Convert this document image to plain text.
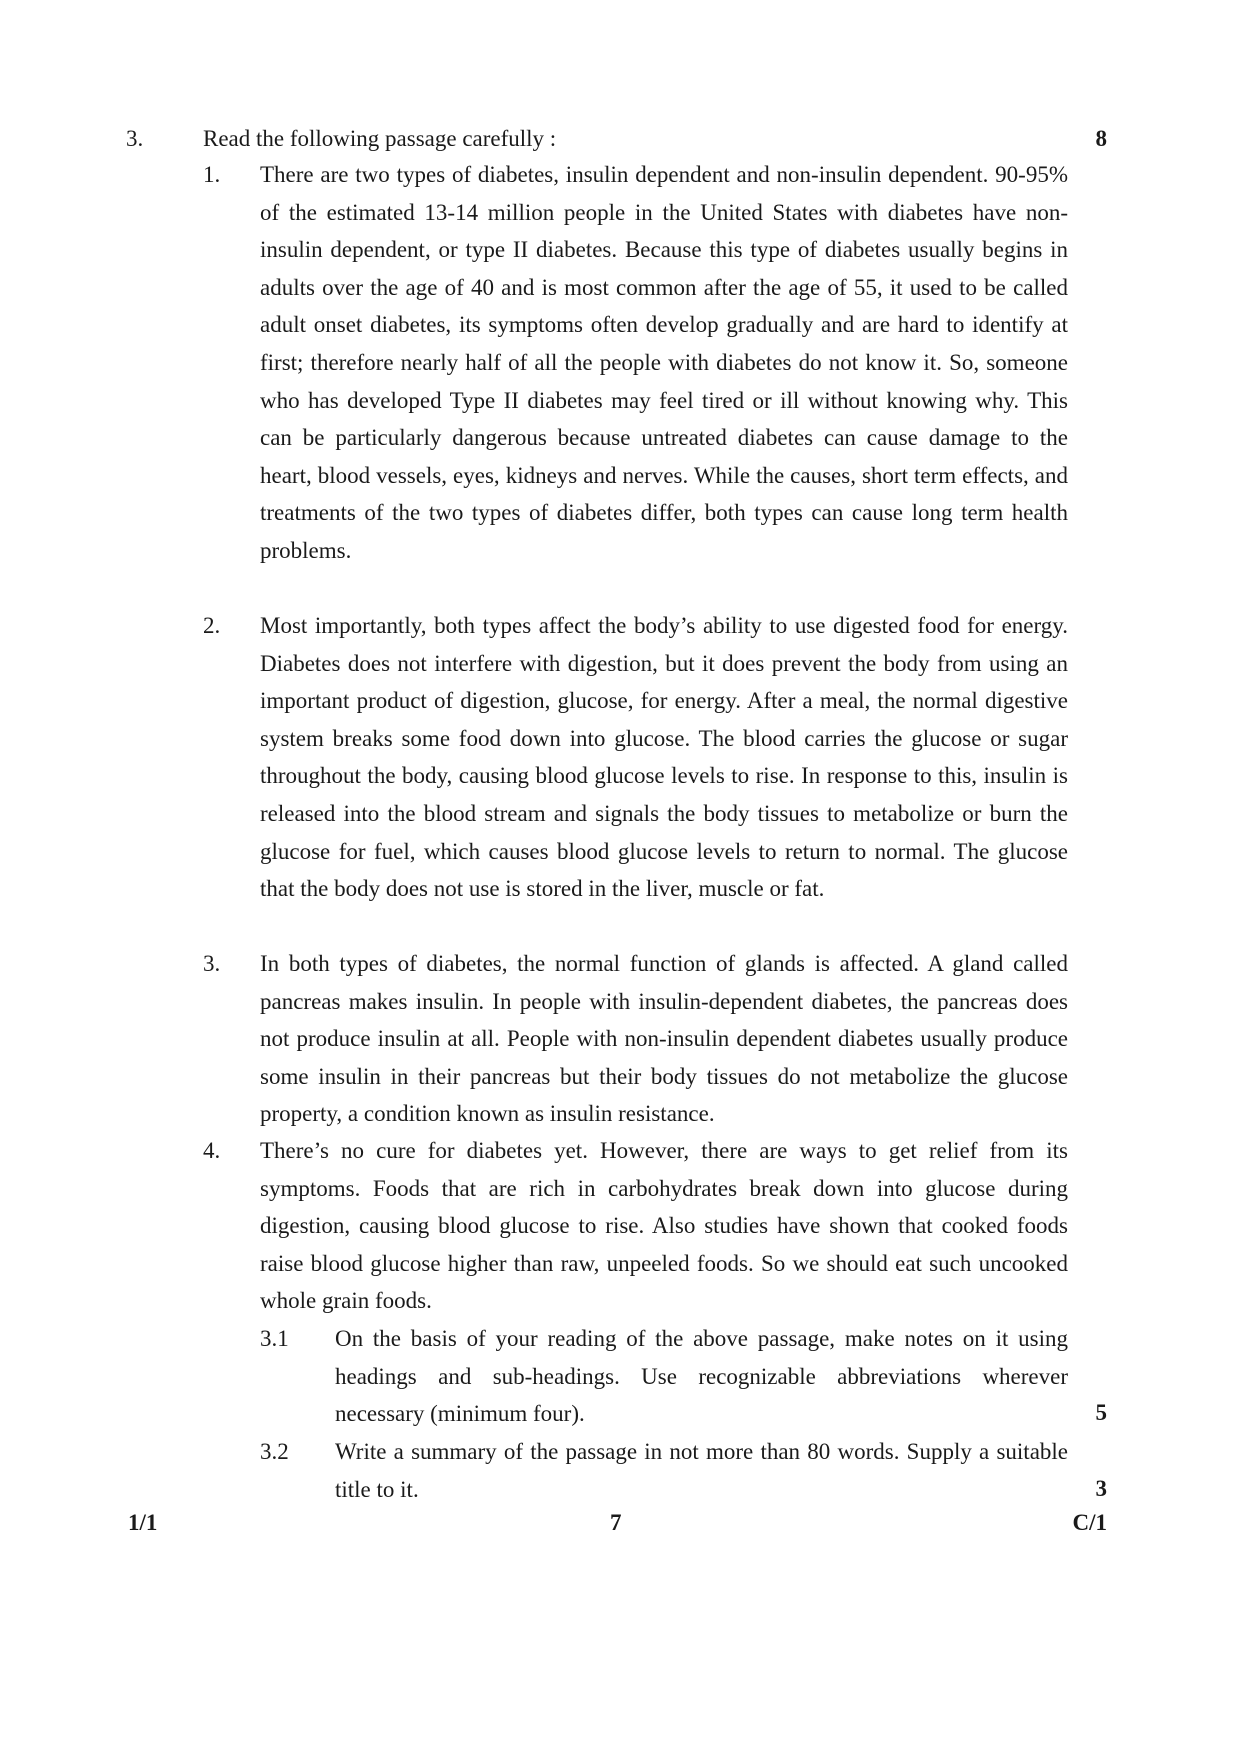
3.	Read the following passage carefully :	8
1. There are two types of diabetes, insulin dependent and non-insulin dependent. 90-95% of the estimated 13-14 million people in the United States with diabetes have non-insulin dependent, or type II diabetes. Because this type of diabetes usually begins in adults over the age of 40 and is most common after the age of 55, it used to be called adult onset diabetes, its symptoms often develop gradually and are hard to identify at first; therefore nearly half of all the people with diabetes do not know it. So, someone who has developed Type II diabetes may feel tired or ill without knowing why. This can be particularly dangerous because untreated diabetes can cause damage to the heart, blood vessels, eyes, kidneys and nerves. While the causes, short term effects, and treatments of the two types of diabetes differ, both types can cause long term health problems.
2. Most importantly, both types affect the body’s ability to use digested food for energy. Diabetes does not interfere with digestion, but it does prevent the body from using an important product of digestion, glucose, for energy. After a meal, the normal digestive system breaks some food down into glucose. The blood carries the glucose or sugar throughout the body, causing blood glucose levels to rise. In response to this, insulin is released into the blood stream and signals the body tissues to metabolize or burn the glucose for fuel, which causes blood glucose levels to return to normal. The glucose that the body does not use is stored in the liver, muscle or fat.
3. In both types of diabetes, the normal function of glands is affected. A gland called pancreas makes insulin. In people with insulin-dependent diabetes, the pancreas does not produce insulin at all. People with non-insulin dependent diabetes usually produce some insulin in their pancreas but their body tissues do not metabolize the glucose property, a condition known as insulin resistance.
4. There’s no cure for diabetes yet. However, there are ways to get relief from its symptoms. Foods that are rich in carbohydrates break down into glucose during digestion, causing blood glucose to rise. Also studies have shown that cooked foods raise blood glucose higher than raw, unpeeled foods. So we should eat such uncooked whole grain foods.
3.1 On the basis of your reading of the above passage, make notes on it using headings and sub-headings. Use recognizable abbreviations wherever necessary (minimum four).	5
3.2 Write a summary of the passage in not more than 80 words. Supply a suitable title to it.	3
1/1	7	C/1
